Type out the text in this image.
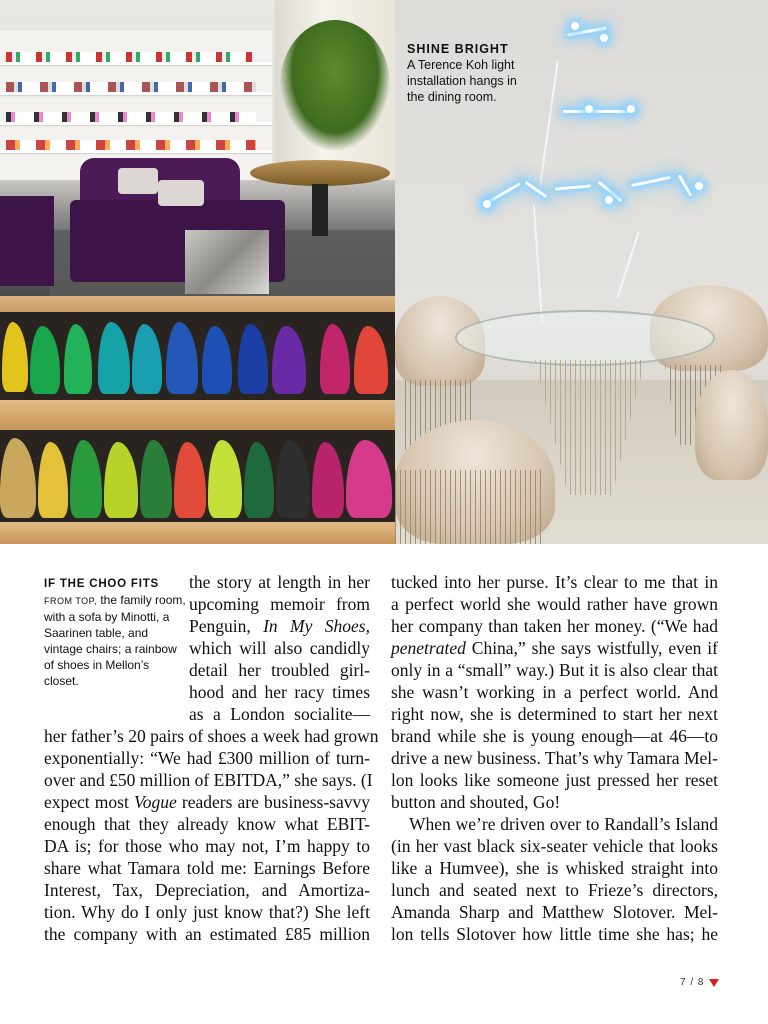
SHINE BRIGHT
A Terence Koh light installation hangs in the dining room.
IF THE CHOO FITS
FROM TOP, the family room, with a sofa by Minotti, a Saarinen table, and vintage chairs; a rainbow of shoes in Mellon’s closet.
the story at length in her
upcoming memoir from
Penguin, In My Shoes,
which will also candidly
detail her troubled girl-
hood and her racy times
as a London socialite—
her father’s 20 pairs of shoes a week had grown
exponentially: “We had £300 million of turn-
over and £50 million of EBITDA,” she says. (I
expect most Vogue readers are business-savvy
enough that they already know what EBIT-
DA is; for those who may not, I’m happy to
share what Tamara told me: Earnings Before
Interest, Tax, Depreciation, and Amortiza-
tion. Why do I only just know that?) She left
the company with an estimated £85 million
tucked into her purse. It’s clear to me that in
a perfect world she would rather have grown
her company than taken her money. (“We had
penetrated China,” she says wistfully, even if
only in a “small” way.) But it is also clear that
she wasn’t working in a perfect world. And
right now, she is determined to start her next
brand while she is young enough—at 46—to
drive a new business. That’s why Tamara Mel-
lon looks like someone just pressed her reset
button and shouted, Go!
When we’re driven over to Randall’s Island
(in her vast black six-seater vehicle that looks
like a Humvee), she is whisked straight into
lunch and seated next to Frieze’s directors,
Amanda Sharp and Matthew Slotover. Mel-
lon tells Slotover how little time she has; he
7 / 8
